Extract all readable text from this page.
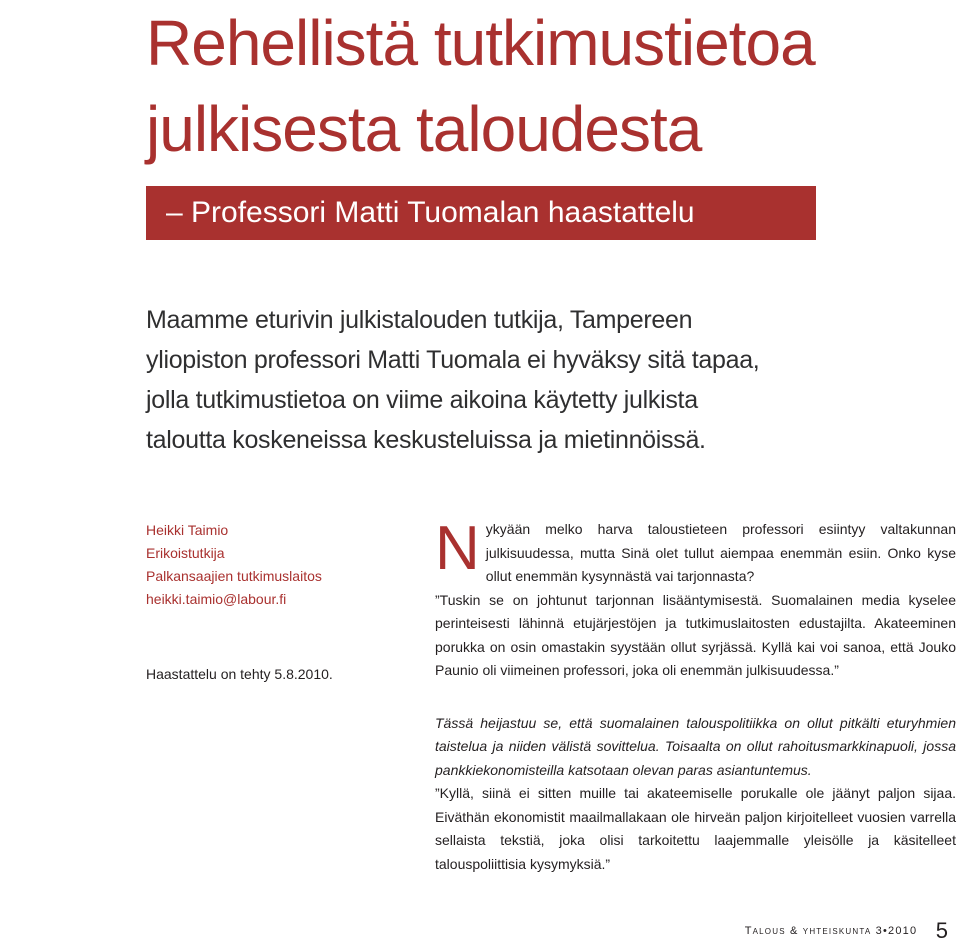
Rehellistä tutkimustietoa
julkisesta taloudesta
– Professori Matti Tuomalan haastattelu
Maamme eturivin julkistalouden tutkija, Tampereen
yliopiston professori Matti Tuomala ei hyväksy sitä tapaa,
jolla tutkimustietoa on viime aikoina käytetty julkista
taloutta koskeneissa keskusteluissa ja mietinnöissä.
Heikki Taimio
Erikoistutkija
Palkansaajien tutkimuslaitos
heikki.taimio@labour.fi
Haastattelu on tehty 5.8.2010.

Nykyään melko harva taloustieteen professori esiintyy valtakunnan julkisuudessa, mutta Sinä olet tullut aiempaa enemmän esiin. Onko kyse ollut enemmän kysynnästä vai tarjonnasta?

”Tuskin se on johtunut tarjonnan lisääntymisestä. Suomalainen media kyselee perinteisesti lähinnä etujärjestöjen ja tutkimuslaitosten edustajilta. Akateeminen porukka on osin omastakin syystään ollut syrjässä. Kyllä kai voi sanoa, että Jouko Paunio oli viimeinen professori, joka oli enemmän julkisuudessa.”

Tässä heijastuu se, että suomalainen talouspolitiikka on ollut pitkälti eturyhmien taistelua ja niiden välistä sovittelua. Toisaalta on ollut rahoitusmarkkinapuoli, jossa pankkiekonomisteilla katsotaan olevan paras asiantuntemus.

”Kyllä, siinä ei sitten muille tai akateemiselle porukalle ole jäänyt paljon sijaa. Eiväthän ekonomistit maailmallakaan ole hirveän paljon kirjoitelleet vuosien varrella sellaista tekstiä, joka olisi tarkoitettu laajemmalle yleisölle ja käsitelleet talouspoliittisia kysymyksiä.”

Talous & yhteiskunta 3•2010 5
